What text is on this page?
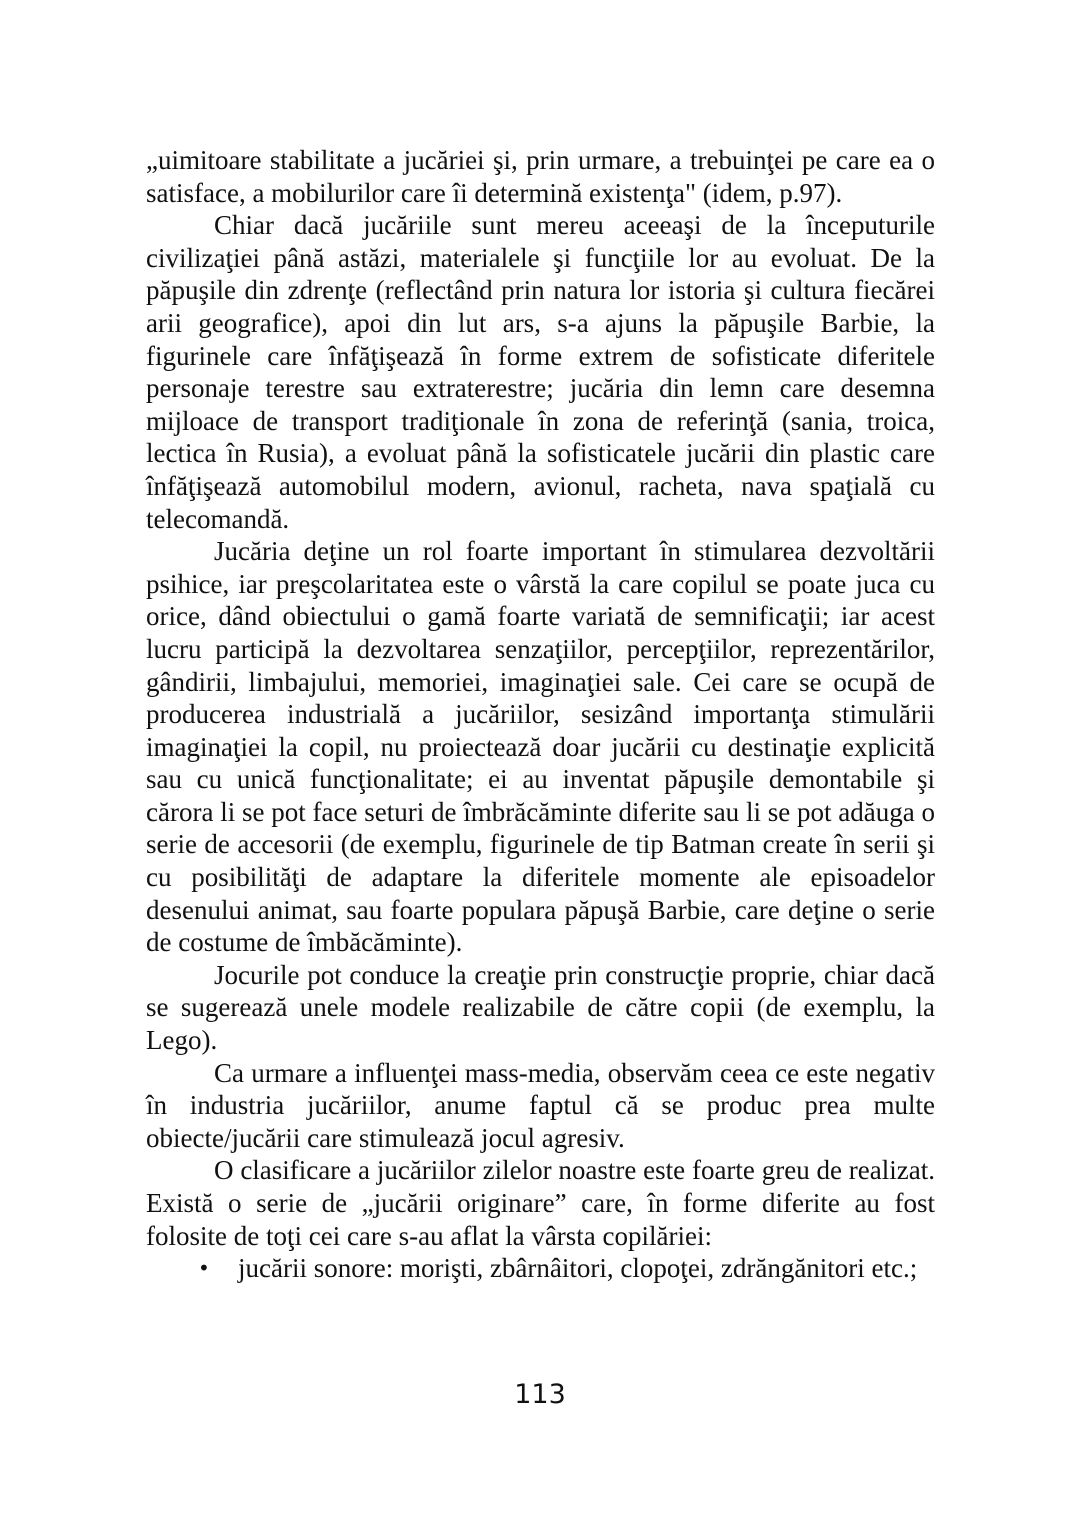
„uimitoare stabilitate a jucăriei şi, prin urmare, a trebuinţei pe care ea o satisface, a mobilurilor care îi determină existenţa" (idem, p.97).

Chiar dacă jucăriile sunt mereu aceeaşi de la începuturile civilizaţiei până astăzi, materialele şi funcţiile lor au evoluat. De la păpuşile din zdrenţe (reflectând prin natura lor istoria şi cultura fiecărei arii geografice), apoi din lut ars, s-a ajuns la păpuşile Barbie, la figurinele care înfăţişează în forme extrem de sofisticate diferitele personaje terestre sau extraterestre; jucăria din lemn care desemna mijloace de transport tradiţionale în zona de referinţă (sania, troica, lectica în Rusia), a evoluat până la sofisticatele jucării din plastic care înfăţişează automobilul modern, avionul, racheta, nava spaţială cu telecomandă.

Jucăria deţine un rol foarte important în stimularea dezvoltării psihice, iar preşcolaritatea este o vârstă la care copilul se poate juca cu orice, dând obiectului o gamă foarte variată de semnificaţii; iar acest lucru participă la dezvoltarea senzaţiilor, percepţiilor, reprezentărilor, gândirii, limbajului, memoriei, imaginaţiei sale. Cei care se ocupă de producerea industrială a jucăriilor, sesizând importanţa stimulării imaginaţiei la copil, nu proiectează doar jucării cu destinaţie explicită sau cu unică funcţionalitate; ei au inventat păpuşile demontabile şi cărora li se pot face seturi de îmbrăcăminte diferite sau li se pot adăuga o serie de accesorii (de exemplu, figurinele de tip Batman create în serii şi cu posibilităţi de adaptare la diferitele momente ale episoadelor desenului animat, sau foarte populara păpuşă Barbie, care deţine o serie de costume de îmbăcăminte).

Jocurile pot conduce la creaţie prin construcţie proprie, chiar dacă se sugerează unele modele realizabile de către copii (de exemplu, la Lego).

Ca urmare a influenţei mass-media, observăm ceea ce este negativ în industria jucăriilor, anume faptul că se produc prea multe obiecte/jucării care stimulează jocul agresiv.

O clasificare a jucăriilor zilelor noastre este foarte greu de realizat. Există o serie de „jucării originare” care, în forme diferite au fost folosite de toţi cei care s-au aflat la vârsta copilăriei:

• jucării sonore: morişti, zbârnâitori, clopoţei, zdrăngănitori etc.;
113
